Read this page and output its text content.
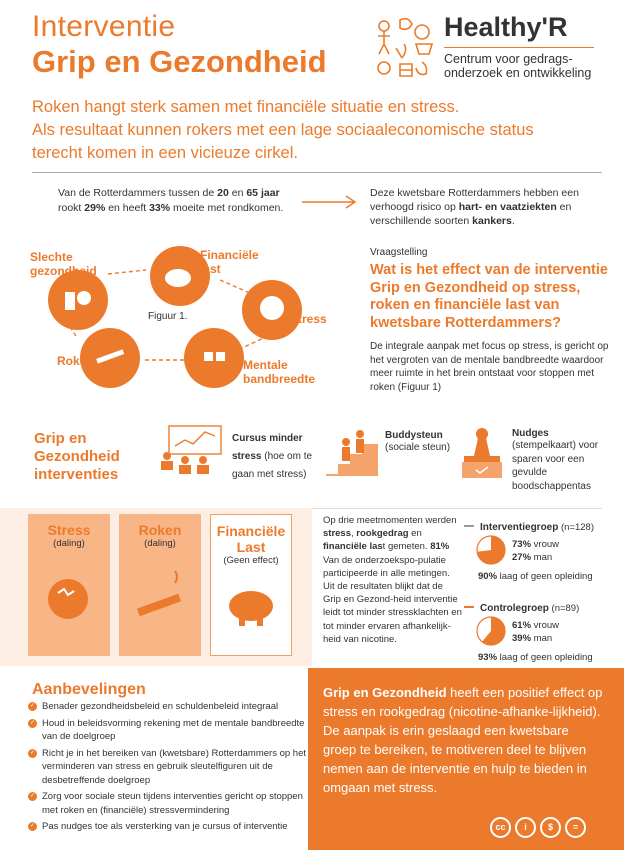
Interventie
Grip en Gezondheid
Healthy'R
Centrum voor gedrags-
onderzoek en ontwikkeling
Roken hangt sterk samen met financiële situatie en stress.
Als resultaat kunnen rokers met een lage sociaaleconomische status
terecht komen in een vicieuze cirkel.
Van de Rotterdammers tussen de 20 en 65 jaar
rookt 29% en heeft 33% moeite met rondkomen.
Deze kwetsbare Rotterdammers hebben een verhoogd risico op hart- en vaatziekten en verschillende soorten kankers.
Slechte
gezondheid
Financiële
last
Stress
Mentale
bandbreedte
Roken
Figuur 1.
Vraagstelling
Wat is het effect van de interventie Grip en Gezondheid op stress, roken en financiële last van kwetsbare Rotterdammers?
De integrale aanpak met focus op stress, is gericht op het vergroten van de mentale bandbreedte waardoor meer ruimte in het brein ontstaat voor stoppen met roken (Figuur 1)
Grip en Gezondheid interventies
Cursus minder
stress (hoe om te gaan met stress)
Buddysteun
(sociale steun)
Nudges
(stempelkaart) voor sparen voor een gevulde boodschappentas
Stress
(daling)
Roken
(daling)
Financiële
Last
(Geen effect)
Op drie meetmomenten werden stress, rookgedrag en financiële last gemeten. 81% Van de onderzoekspo-pulatie participeerde in alle metingen. Uit de resultaten blijkt dat de Grip en Gezond-heid interventie leidt tot minder stressklachten en tot minder ervaren afhankelijk-heid van nicotine.
Interventiegroep (n=128)
73% vrouw
27% man
90% laag of geen opleiding
Controlegroep (n=89)
61% vrouw
39% man
93% laag of geen opleiding
Aanbevelingen
✓ Benader gezondheidsbeleid en schuldenbeleid integraal
✓ Houd in beleidsvorming rekening met de mentale bandbreedte van de doelgroep
✓ Richt je in het bereiken van (kwetsbare) Rotterdammers op het verminderen van stress en gebruik sleutelfiguren uit de desbetreffende doelgroep
✓ Zorg voor sociale steun tijdens interventies gericht op stoppen met roken en (financiële) stressvermindering
✓ Pas nudges toe als versterking van je cursus of interventie
Grip en Gezondheid heeft een positief effect op stress en rookgedrag (nicotine-afhanke-lijkheid). De aanpak is erin geslaagd een kwetsbare groep te bereiken, te motiveren deel te blijven nemen aan de interventie en hulp te bieden in omgaan met stress.
cc i $ =
